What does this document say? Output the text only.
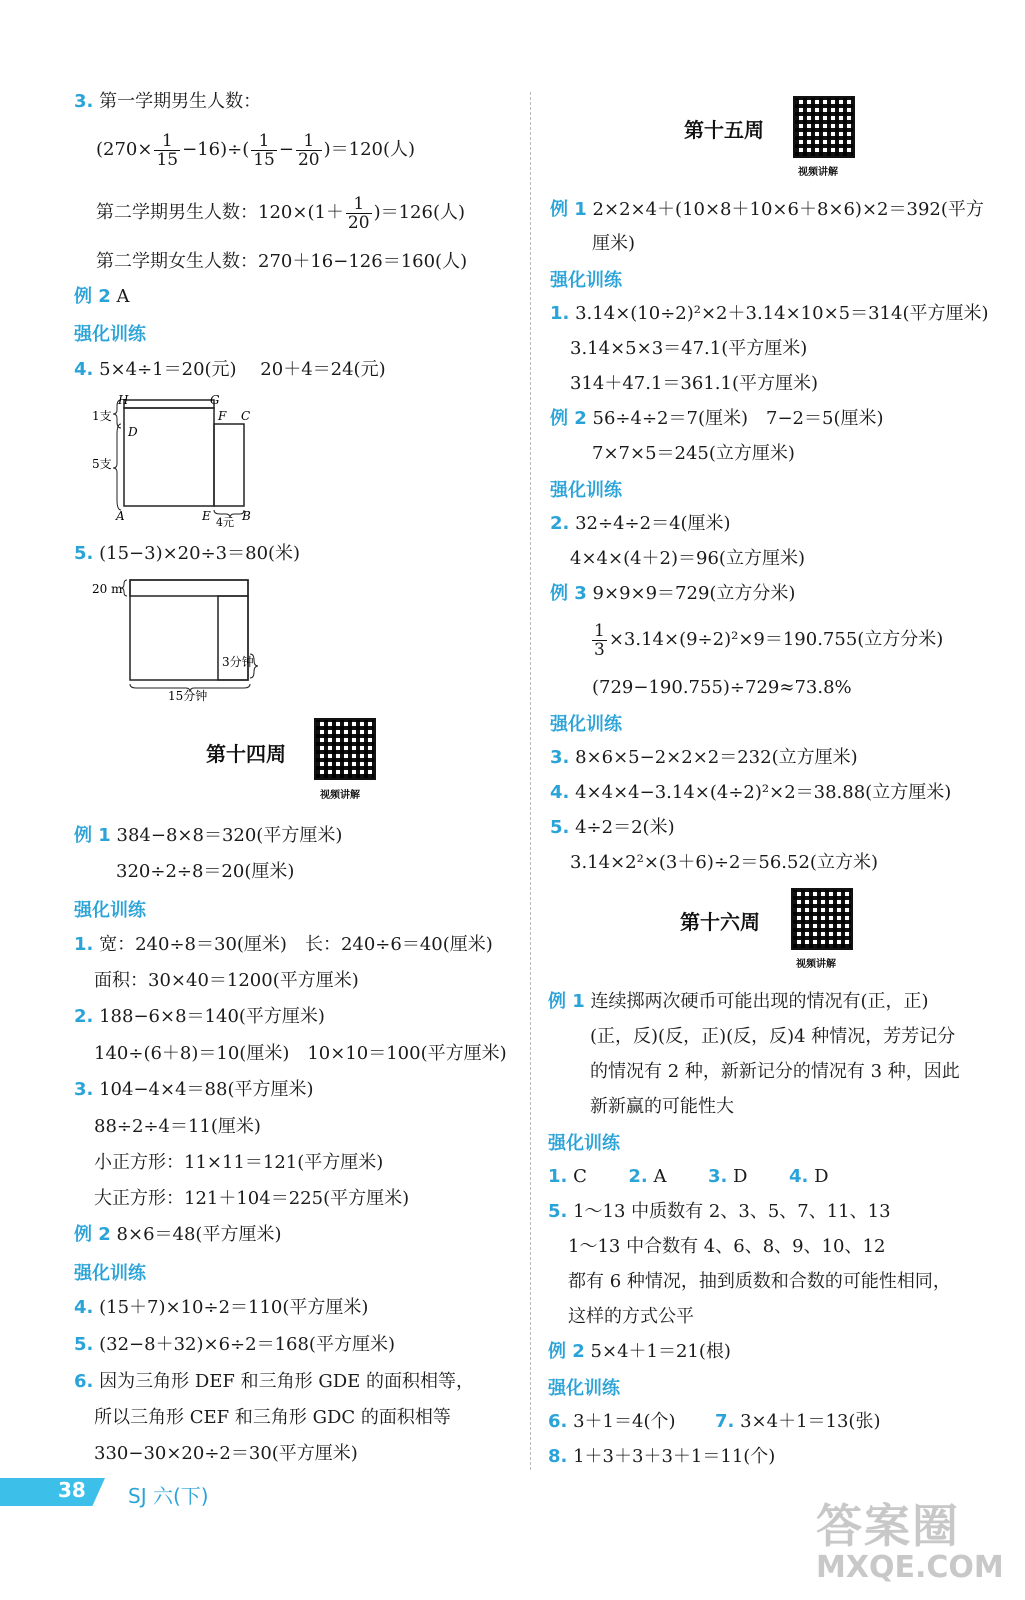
3. 第一学期男生人数：
$(270\times \frac{1}{15} -16)\div( \frac{1}{15} - \frac{1}{20} )=120$(人)
第二学期男生人数：$120\times(1+ \frac{1}{20} )=126$(人)
第二学期女生人数：270＋16−126＝160(人)
例 2 A
强化训练
4. 5×4÷1＝20(元)　 20＋4＝24(元)
H	G
F C
D
A	E	B
1支
5支
4元
5. (15−3)×20÷3＝80(米)
20 m
3分钟
15分钟
第十四周
视频讲解
例 1 384−8×8＝320(平方厘米)
320÷2÷8＝20(厘米)
强化训练
1. 宽：240÷8＝30(厘米)　长：240÷6＝40(厘米)
面积：30×40＝1200(平方厘米)
2. 188−6×8＝140(平方厘米)
140÷(6＋8)＝10(厘米)　10×10＝100(平方厘米)
3. 104−4×4＝88(平方厘米)
88÷2÷4＝11(厘米)
小正方形：11×11＝121(平方厘米)
大正方形：121＋104＝225(平方厘米)
例 2 8×6＝48(平方厘米)
强化训练
4. (15＋7)×10÷2＝110(平方厘米)
5. (32−8＋32)×6÷2＝168(平方厘米)
6. 因为三角形 DEF 和三角形 GDE 的面积相等，
所以三角形 CEF 和三角形 GDC 的面积相等
330−30×20÷2＝30(平方厘米)
第十五周
视频讲解
例 1 2×2×4＋(10×8＋10×6＋8×6)×2＝392(平方
厘米)
强化训练
1. 3.14×(10÷2)²×2＋3.14×10×5＝314(平方厘米)
3.14×5×3＝47.1(平方厘米)
314＋47.1＝361.1(平方厘米)
例 2 56÷4÷2＝7(厘米)　7−2＝5(厘米)
7×7×5＝245(立方厘米)
强化训练
2. 32÷4÷2＝4(厘米)
4×4×(4＋2)＝96(立方厘米)
例 3 9×9×9＝729(立方分米)
$\frac{1}{3} \times 3.14\times(9\div 2)^2\times 9=190.755$(立方分米)
(729−190.755)÷729≈73.8%
强化训练
3. 8×6×5−2×2×2＝232(立方厘米)
4. 4×4×4−3.14×(4÷2)²×2＝38.88(立方厘米)
5. 4÷2＝2(米)
3.14×2²×(3＋6)÷2＝56.52(立方米)
第十六周
视频讲解
例 1 连续掷两次硬币可能出现的情况有(正，正)
(正，反)(反，正)(反，反)4 种情况，芳芳记分
的情况有 2 种，新新记分的情况有 3 种，因此
新新赢的可能性大
强化训练
1. C 2. A 3. D 4. D
5. 1～13 中质数有 2、3、5、7、11、13
1～13 中合数有 4、6、8、9、10、12
都有 6 种情况，抽到质数和合数的可能性相同，
这样的方式公平
例 2 5×4＋1＝21(根)
强化训练
6. 3＋1＝4(个) 7. 3×4＋1＝13(张)
8. 1＋3＋3＋3＋1＝11(个)
38 SJ 六(下)
答案圈
MXQE.COM
